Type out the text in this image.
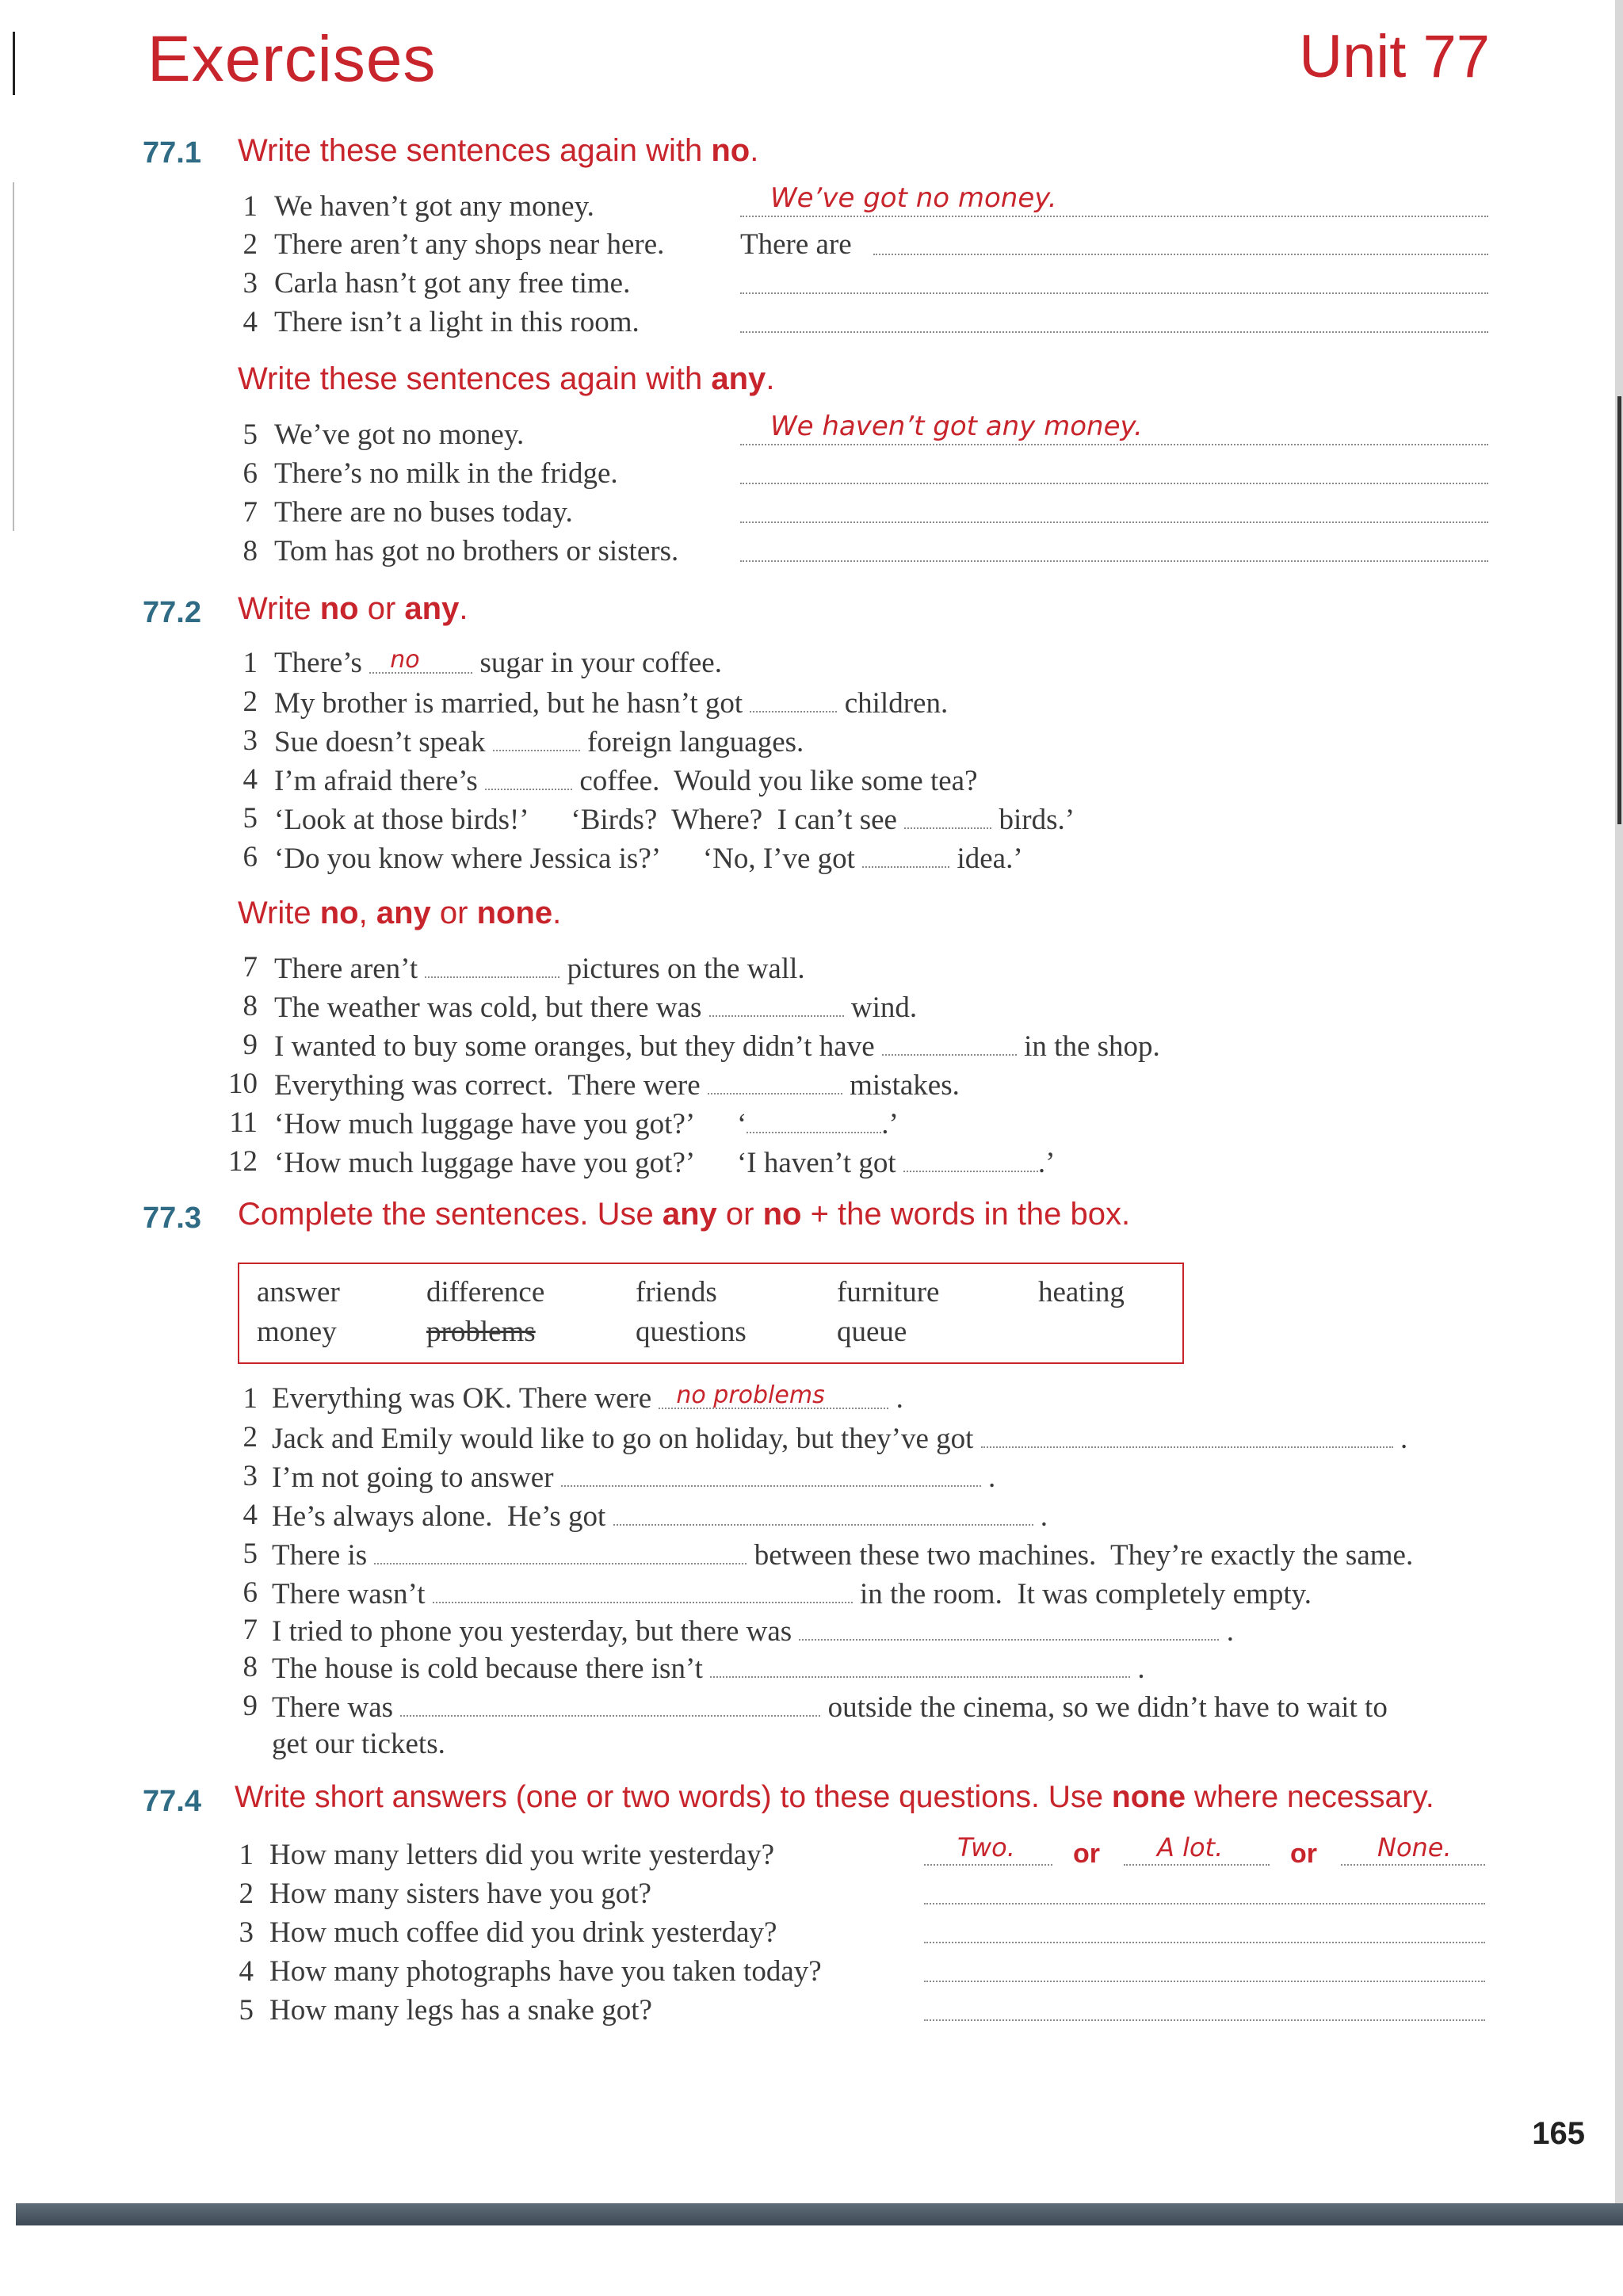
Exercises	Unit 77
77.1 Write these sentences again with no.
1 We haven’t got any money.	We’ve got no money.
2 There aren’t any shops near here.	There are
3 Carla hasn’t got any free time.
4 There isn’t a light in this room.
Write these sentences again with any.
5 We’ve got no money.	We haven’t got any money.
6 There’s no milk in the fridge.
7 There are no buses today.
8 Tom has got no brothers or sisters.
77.2 Write no or any.
1 There’s no sugar in your coffee.
2 My brother is married, but he hasn’t got	children.
3 Sue doesn’t speak	foreign languages.
4 I’m afraid there’s	coffee.  Would you like some tea?
5 ‘Look at those birds!’      ‘Birds?  Where?  I can’t see	birds.’
6 ‘Do you know where Jessica is?’      ‘No, I’ve got	idea.’
Write no, any or none.
7 There aren’t	pictures on the wall.
8 The weather was cold, but there was	wind.
9 I wanted to buy some oranges, but they didn’t have	in the shop.
10 Everything was correct.  There were	mistakes.
11 ‘How much luggage have you got?’      ‘	.’
12 ‘How much luggage have you got?’      ‘I haven’t got	.’
77.3 Complete the sentences. Use any or no + the words in the box.
answer	difference	friends	furniture	heating
money	problems	questions	queue
1 Everything was OK. There were no problems .
2 Jack and Emily would like to go on holiday, but they’ve got	.
3 I’m not going to answer	.
4 He’s always alone.  He’s got	.
5 There is	between these two machines.  They’re exactly the same.
6 There wasn’t	in the room.  It was completely empty.
7 I tried to phone you yesterday, but there was	.
8 The house is cold because there isn’t	.
9 There was	outside the cinema, so we didn’t have to wait to
get our tickets.
77.4 Write short answers (one or two words) to these questions. Use none where necessary.
1 How many letters did you write yesterday?	Two. or A lot. or None.
2 How many sisters have you got?
3 How much coffee did you drink yesterday?
4 How many photographs have you taken today?
5 How many legs has a snake got?
165
